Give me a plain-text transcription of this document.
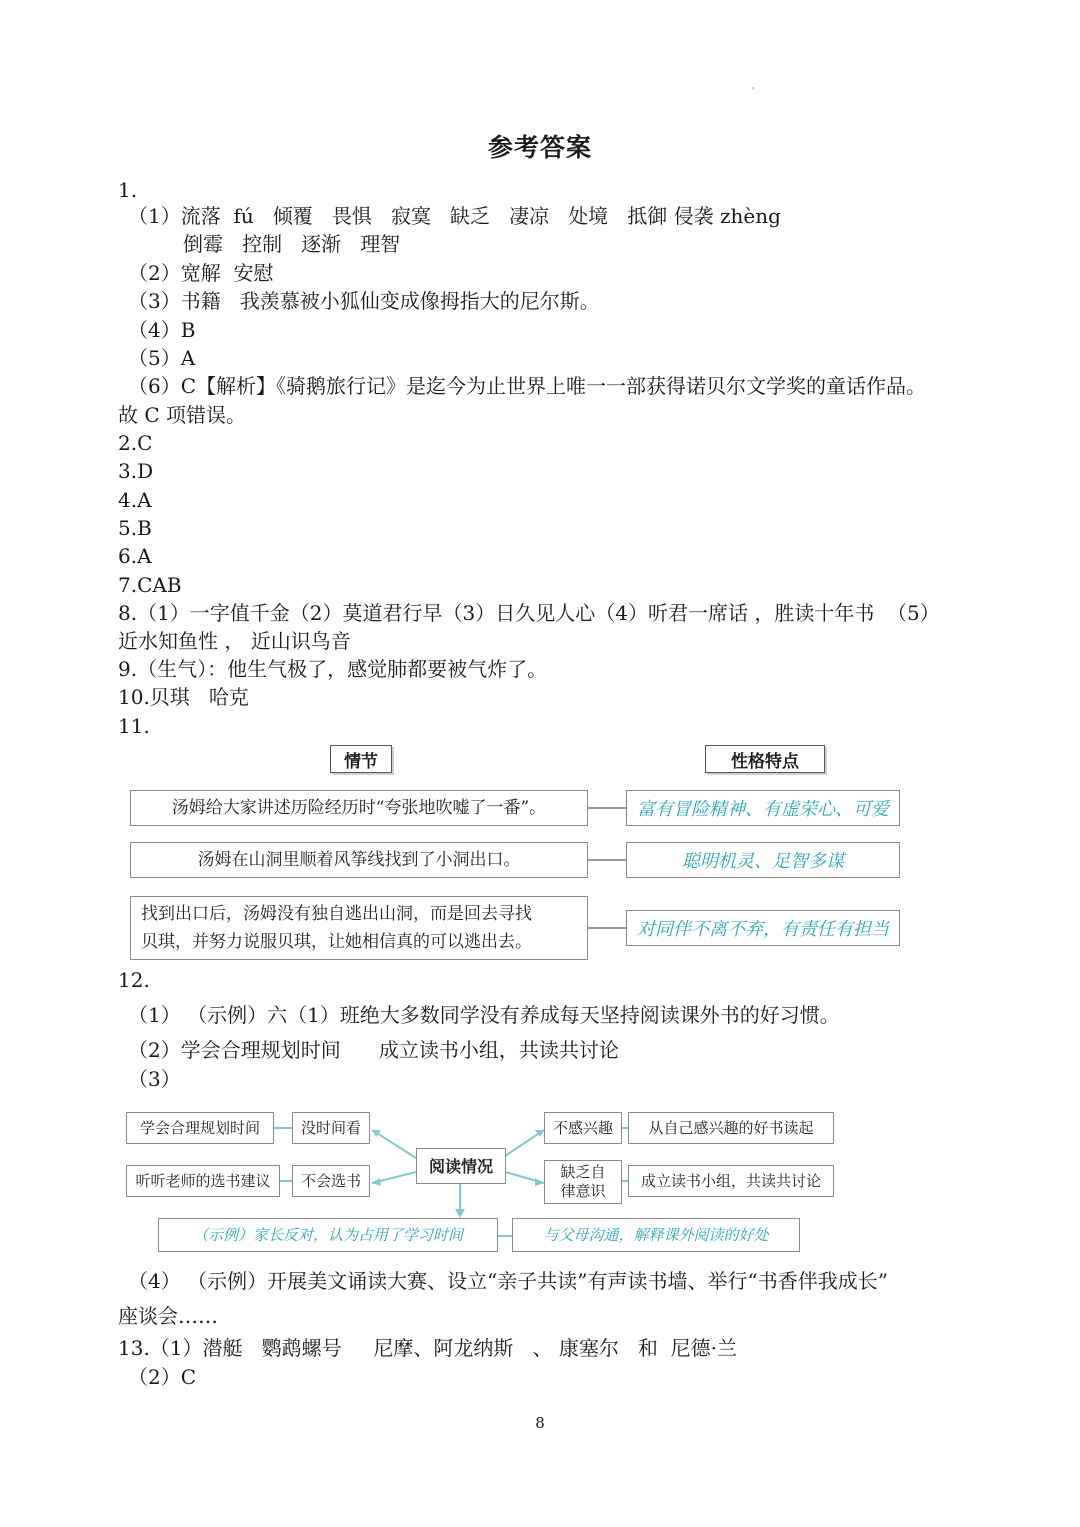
'
参考答案
1.
（1）流落  fú   倾覆   畏惧   寂寞   缺乏   凄凉   处境   抵御 侵袭 zhèng
倒霉   控制   逐渐   理智
（2）宽解  安慰
（3）书籍   我羡慕被小狐仙变成像拇指大的尼尔斯。
（4）B
（5）A
（6）C【解析】《骑鹅旅行记》是迄今为止世界上唯一一部获得诺贝尔文学奖的童话作品。
故 C 项错误。
2.C
3.D
4.A
5.B
6.A
7.CAB
8.（1）一字值千金（2）莫道君行早（3）日久见人心（4）听君一席话 ，胜读十年书  （5）
近水知鱼性 ， 近山识鸟音
9.（生气）：他生气极了，感觉肺都要被气炸了。
10.贝琪   哈克
11.
情节	性格特点
汤姆给大家讲述历险经历时“夸张地吹嘘了一番”。	富有冒险精神、有虚荣心、可爱
汤姆在山洞里顺着风筝线找到了小洞出口。	聪明机灵、足智多谋
找到出口后，汤姆没有独自逃出山洞，而是回去寻找
贝琪，并努力说服贝琪，让她相信真的可以逃出去。
对同伴不离不弃，有责任有担当
12.
（1） （示例）六（1）班绝大多数同学没有养成每天坚持阅读课外书的好习惯。
（2）学会合理规划时间      成立读书小组，共读共讨论
（3）
学会合理规划时间	没时间看
听听老师的选书建议 不会选书
阅读情况
不感兴趣 从自己感兴趣的好书读起
缺乏自
律意识
成立读书小组，共读共讨论
（示例）家长反对，认为占用了学习时间	与父母沟通，解释课外阅读的好处
（4） （示例）开展美文诵读大赛、设立“亲子共读”有声读书墙、举行“书香伴我成长”
座谈会……
13.（1）潜艇   鹦鹉螺号     尼摩、阿龙纳斯   、 康塞尔   和  尼德·兰
（2）C
8
